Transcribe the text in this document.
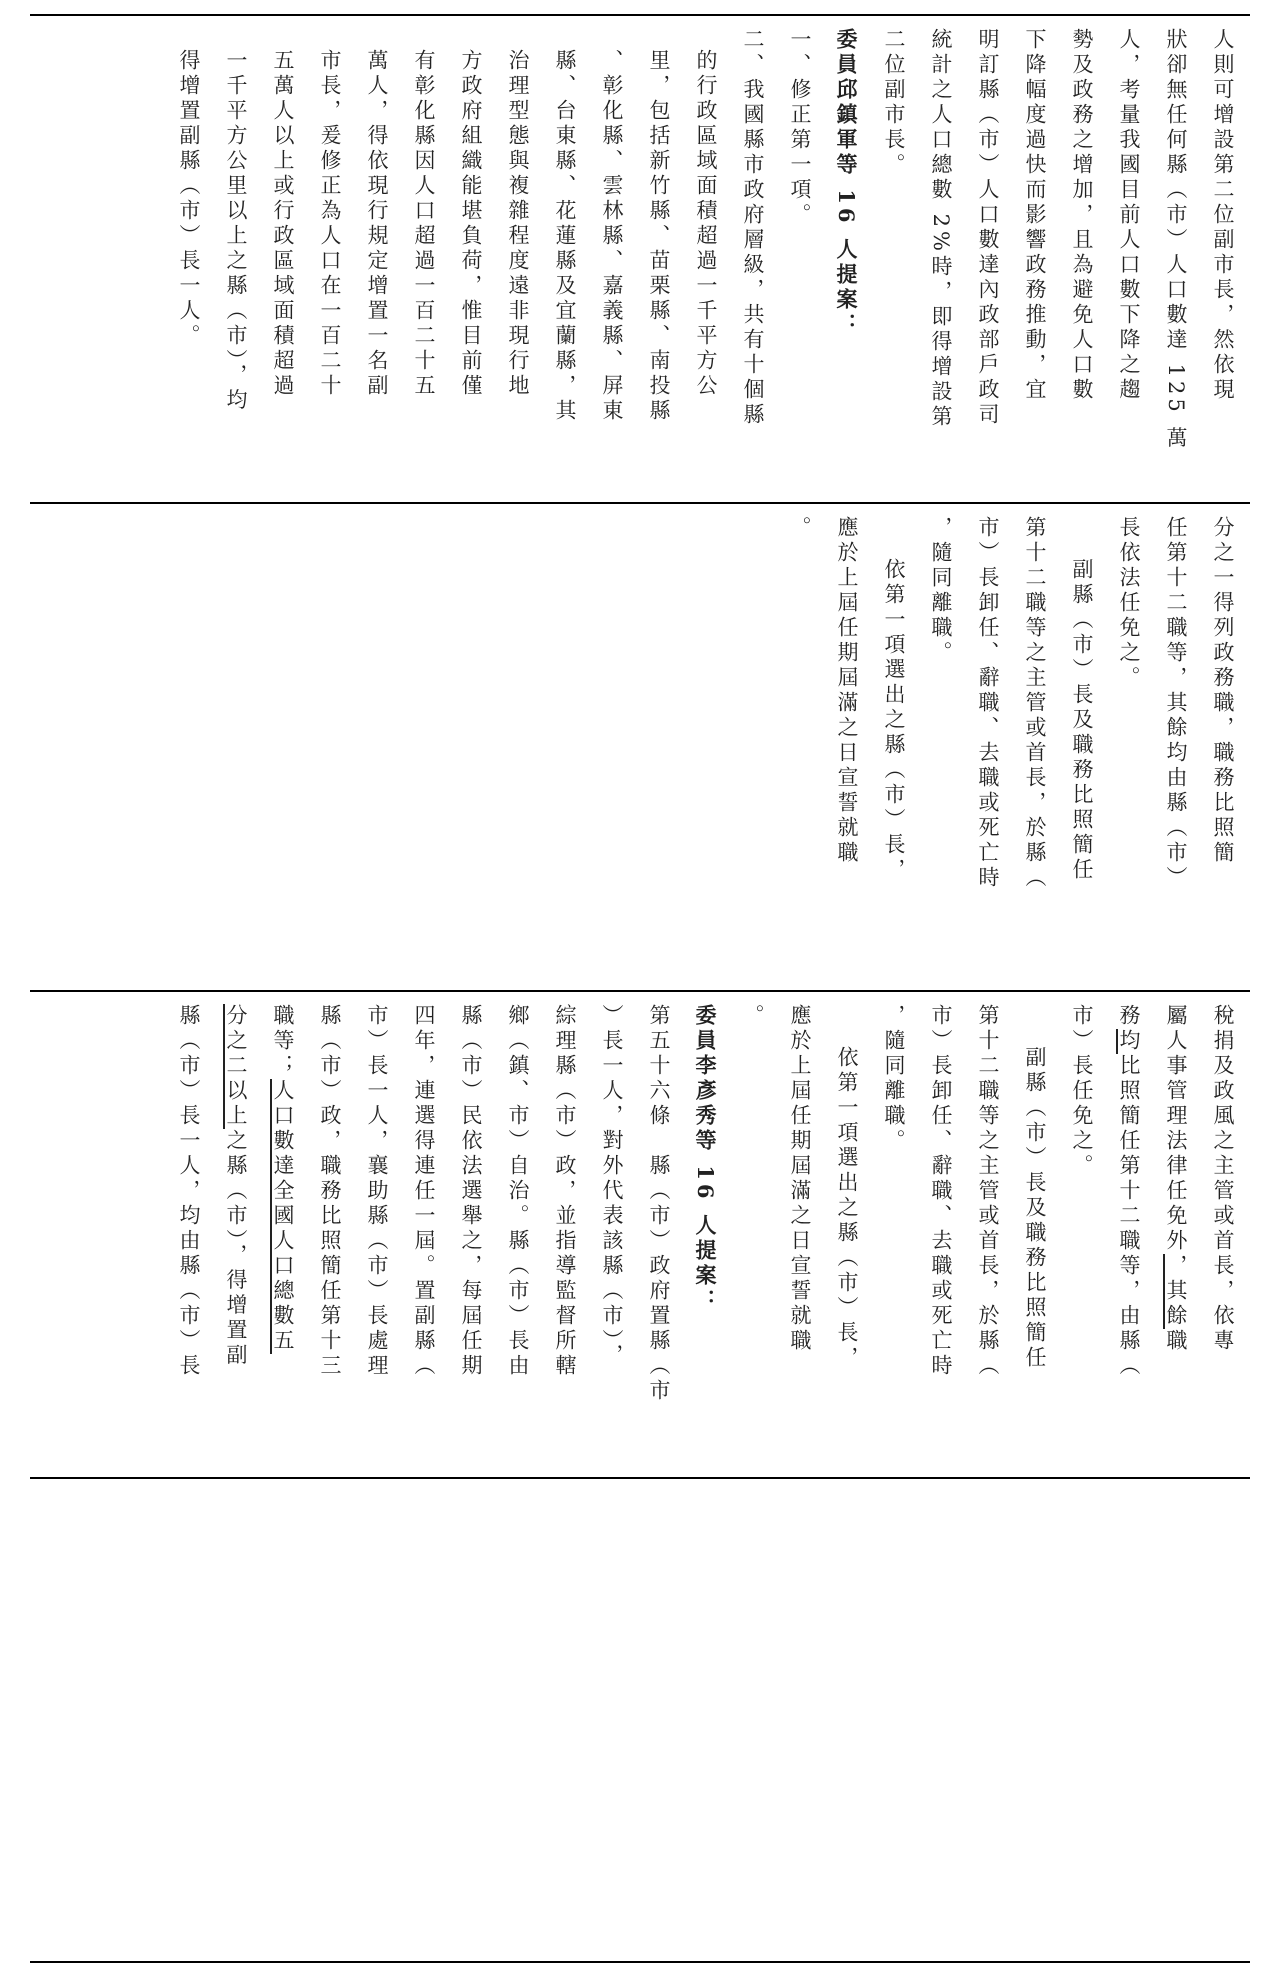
人則可增設第二位副市長，然依現

狀卻無任何縣（市）人口數達 125 萬

人，考量我國目前人口數下降之趨

勢及政務之增加，且為避免人口數

下降幅度過快而影響政務推動，宜

明訂縣（市）人口數達內政部戶政司

統計之人口總數 2%時，即得增設第

二位副市長。

委員邱鎮軍等 16 人提案：

一、修正第一項。

二、我國縣市政府層級，共有十個縣

的行政區域面積超過一千平方公

里，包括新竹縣、苗栗縣、南投縣

、彰化縣、雲林縣、嘉義縣、屏東

縣、台東縣、花蓮縣及宜蘭縣，其

治理型態與複雜程度遠非現行地

方政府組織能堪負荷，惟目前僅

有彰化縣因人口超過一百二十五

萬人，得依現行規定增置一名副

市長，爰修正為人口在一百二十

五萬人以上或行政區域面積超過

一千平方公里以上之縣（市），均

得增置副縣（市）長一人。

分之一得列政務職，職務比照簡

任第十二職等，其餘均由縣（市）

長依法任免之。

副縣（市）長及職務比照簡任

第十二職等之主管或首長，於縣（

市）長卸任、辭職、去職或死亡時

，隨同離職。

依第一項選出之縣（市）長，

應於上屆任期屆滿之日宣誓就職

。

稅捐及政風之主管或首長，依專

屬人事管理法律任免外，其餘職

務均比照簡任第十二職等，由縣（

市）長任免之。

副縣（市）長及職務比照簡任

第十二職等之主管或首長，於縣（

市）長卸任、辭職、去職或死亡時

，隨同離職。

依第一項選出之縣（市）長，

應於上屆任期屆滿之日宣誓就職

。

委員李彥秀等 16 人提案：

第五十六條　縣（市）政府置縣（市

）長一人，對外代表該縣（市），

綜理縣（市）政，並指導監督所轄

鄉（鎮、市）自治。縣（市）長由

縣（市）民依法選舉之，每屆任期

四年，連選得連任一屆。置副縣（

市）長一人，襄助縣（市）長處理

縣（市）政，職務比照簡任第十三

職等；人口數達全國人口總數五

分之二以上之縣（市），得增置副

縣（市）長一人，均由縣（市）長
